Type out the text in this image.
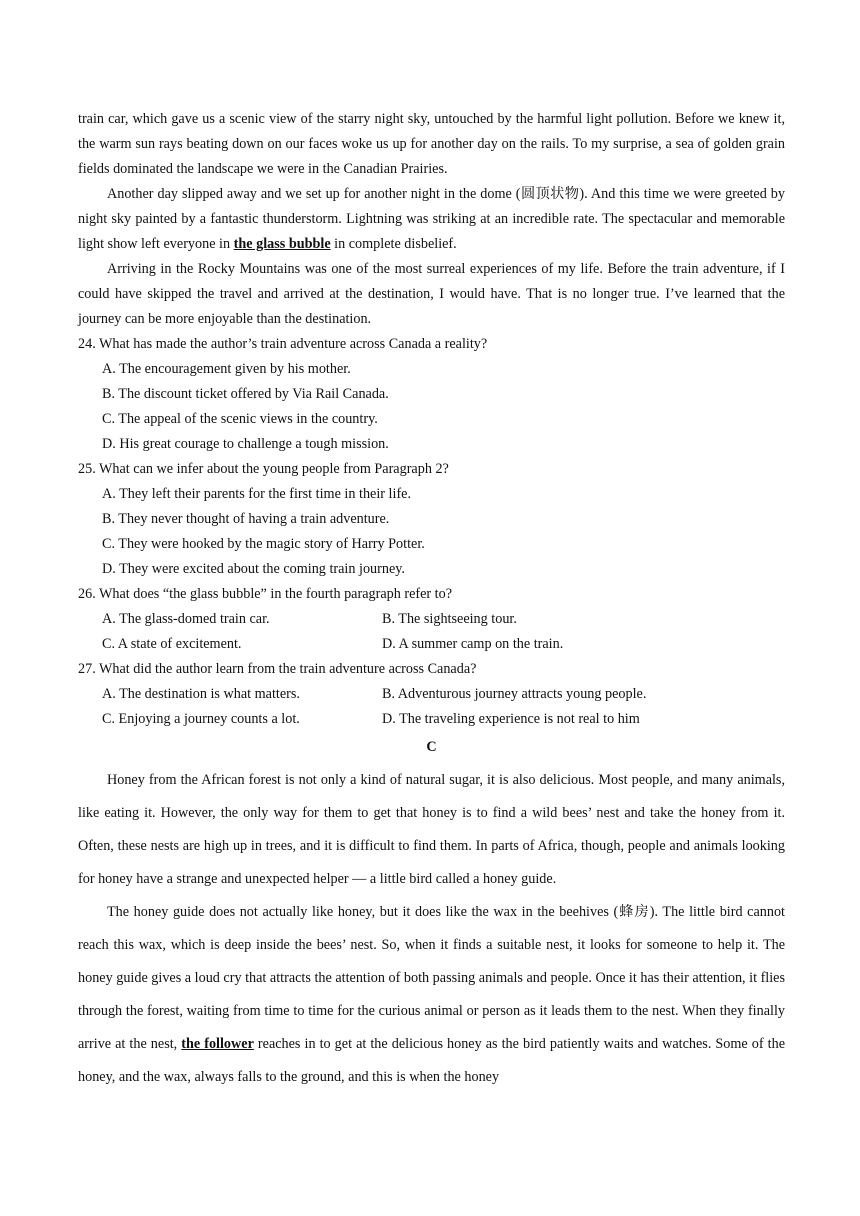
train car, which gave us a scenic view of the starry night sky, untouched by the harmful light pollution. Before we knew it, the warm sun rays beating down on our faces woke us up for another day on the rails. To my surprise, a sea of golden grain fields dominated the landscape we were in the Canadian Prairies.

Another day slipped away and we set up for another night in the dome (圆顶状物). And this time we were greeted by night sky painted by a fantastic thunderstorm. Lightning was striking at an incredible rate. The spectacular and memorable light show left everyone in the glass bubble in complete disbelief.

Arriving in the Rocky Mountains was one of the most surreal experiences of my life. Before the train adventure, if I could have skipped the travel and arrived at the destination, I would have. That is no longer true. I’ve learned that the journey can be more enjoyable than the destination.

24. What has made the author’s train adventure across Canada a reality?

A. The encouragement given by his mother.

B. The discount ticket offered by Via Rail Canada.

C. The appeal of the scenic views in the country.

D. His great courage to challenge a tough mission.

25. What can we infer about the young people from Paragraph 2?

A. They left their parents for the first time in their life.

B. They never thought of having a train adventure.

C. They were hooked by the magic story of Harry Potter.

D. They were excited about the coming train journey.

26. What does “the glass bubble” in the fourth paragraph refer to?

A. The glass-domed train car.	B. The sightseeing tour.
C. A state of excitement.	D. A summer camp on the train.

27. What did the author learn from the train adventure across Canada?

A. The destination is what matters.	B. Adventurous journey attracts young people.
C. Enjoying a journey counts a lot.	D. The traveling experience is not real to him
C

Honey from the African forest is not only a kind of natural sugar, it is also delicious. Most people, and many animals, like eating it. However, the only way for them to get that honey is to find a wild bees’ nest and take the honey from it. Often, these nests are high up in trees, and it is difficult to find them. In parts of Africa, though, people and animals looking for honey have a strange and unexpected helper — a little bird called a honey guide.

The honey guide does not actually like honey, but it does like the wax in the beehives (蜂房). The little bird cannot reach this wax, which is deep inside the bees’ nest. So, when it finds a suitable nest, it looks for someone to help it. The honey guide gives a loud cry that attracts the attention of both passing animals and people. Once it has their attention, it flies through the forest, waiting from time to time for the curious animal or person as it leads them to the nest. When they finally arrive at the nest, the follower reaches in to get at the delicious honey as the bird patiently waits and watches. Some of the honey, and the wax, always falls to the ground, and this is when the honey
